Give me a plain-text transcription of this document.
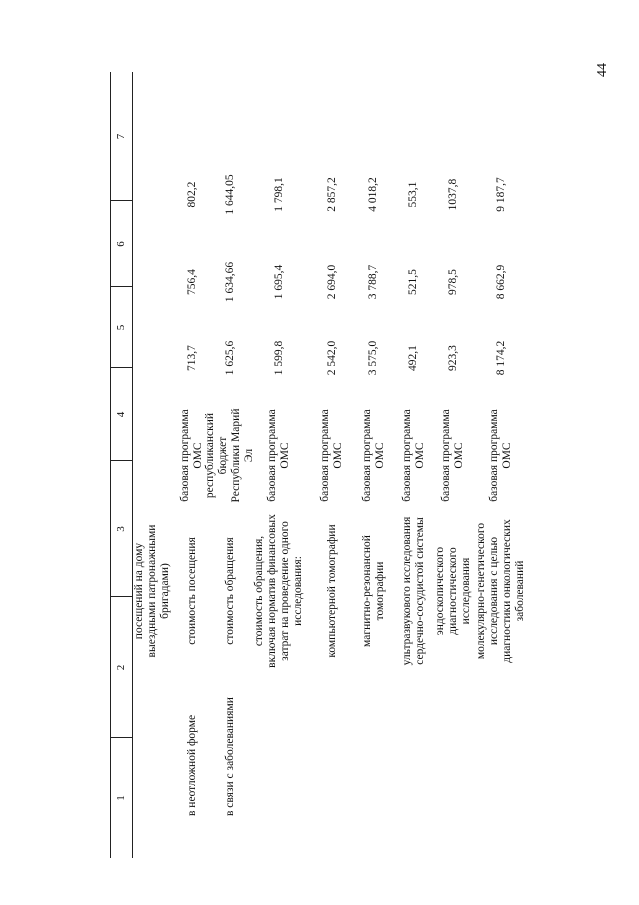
44
1
2
3
4
5
6
7
посещений на дому выездными патронажными бригадами)
в неотложной форме
стоимость посещения
базовая программа ОМС
713,7
756,4
802,2
в связи с заболеваниями
стоимость обращения
республиканский бюджет Республики Марий Эл
1 625,6
1 634,66
1 644,05
стоимость обращения, включая норматив финансовых затрат на проведение одного исследования:
базовая программа ОМС
1 599,8
1 695,4
1 798,1
компьютерной томографии
базовая программа ОМС
2 542,0
2 694,0
2 857,2
магнитно-резонансной томографии
базовая программа ОМС
3 575,0
3 788,7
4 018,2
ультразвукового исследования сердечно-сосудистой системы
базовая программа ОМС
492,1
521,5
553,1
эндоскопического диагностического исследования
базовая программа ОМС
923,3
978,5
1037,8
молекулярно-генетического исследования с целью диагностики онкологических заболеваний
базовая программа ОМС
8 174,2
8 662,9
9 187,7
